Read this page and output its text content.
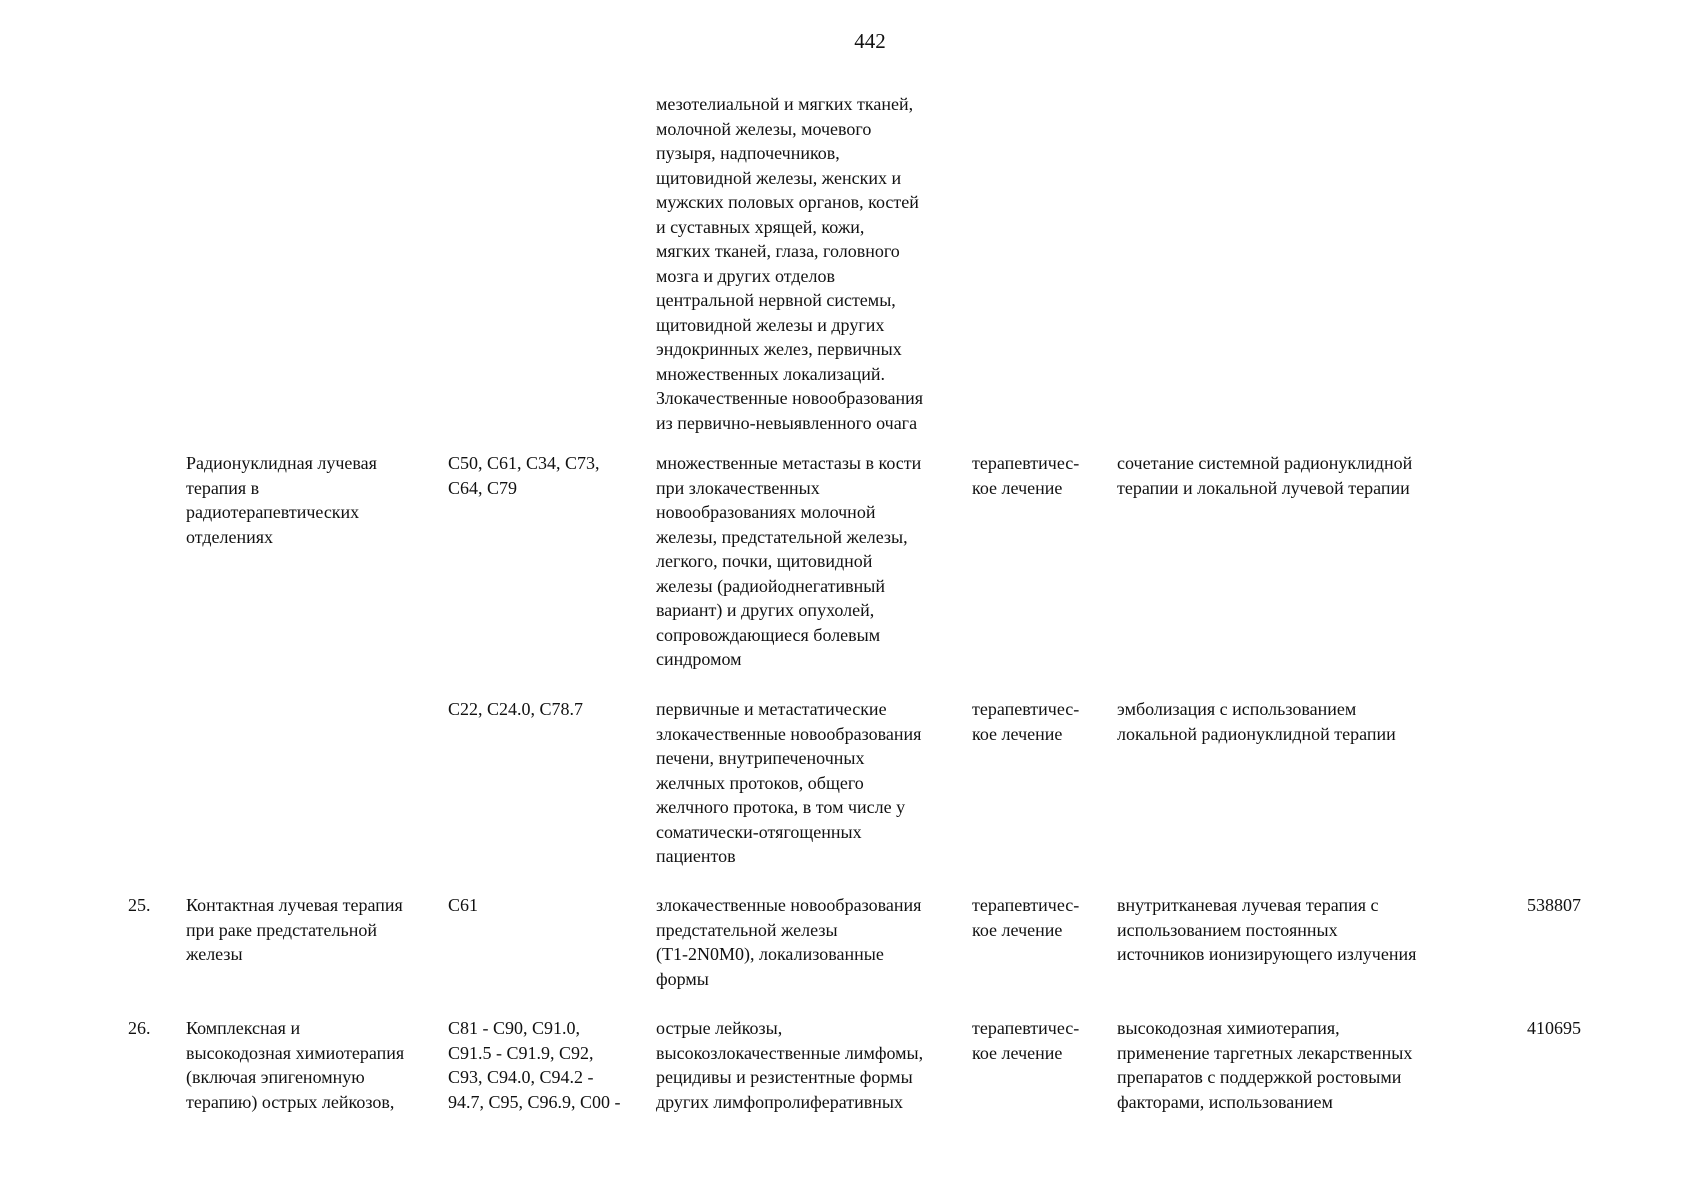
442
мезотелиальной и мягких тканей,
молочной железы, мочевого
пузыря, надпочечников,
щитовидной железы, женских и
мужских половых органов, костей
и суставных хрящей, кожи,
мягких тканей, глаза, головного
мозга и других отделов
центральной нервной системы,
щитовидной железы и других
эндокринных желез, первичных
множественных локализаций.
Злокачественные новообразования
из первично-невыявленного очага
Радионуклидная лучевая
терапия в
радиотерапевтических
отделениях
C50, C61, C34, C73,
C64, C79
множественные метастазы в кости
при злокачественных
новообразованиях молочной
железы, предстательной железы,
легкого, почки, щитовидной
железы (радиойоднегативный
вариант) и других опухолей,
сопровождающиеся болевым
синдромом
терапевтичес-
кое лечение
сочетание системной радионуклидной
терапии и локальной лучевой терапии
C22, C24.0, C78.7	первичные и метастатические
злокачественные новообразования
печени, внутрипеченочных
желчных протоков, общего
желчного протока, в том числе у
соматически-отягощенных
пациентов
терапевтичес-
кое лечение
эмболизация с использованием
локальной радионуклидной терапии
25. Контактная лучевая терапия
при раке предстательной
железы
C61	злокачественные новообразования
предстательной железы
(T1-2N0M0), локализованные
формы
терапевтичес-
кое лечение
внутритканевая лучевая терапия с
использованием постоянных
источников ионизирующего излучения
538807
26. Комплексная и
высокодозная химиотерапия
(включая эпигеномную
терапию) острых лейкозов,
C81 - C90, C91.0,
C91.5 - C91.9, C92,
C93, C94.0, C94.2 -
94.7, C95, C96.9, C00 -
острые лейкозы,
высокозлокачественные лимфомы,
рецидивы и резистентные формы
других лимфопролиферативных
терапевтичес-
кое лечение
высокодозная химиотерапия,
применение таргетных лекарственных
препаратов с поддержкой ростовыми
факторами, использованием
410695
